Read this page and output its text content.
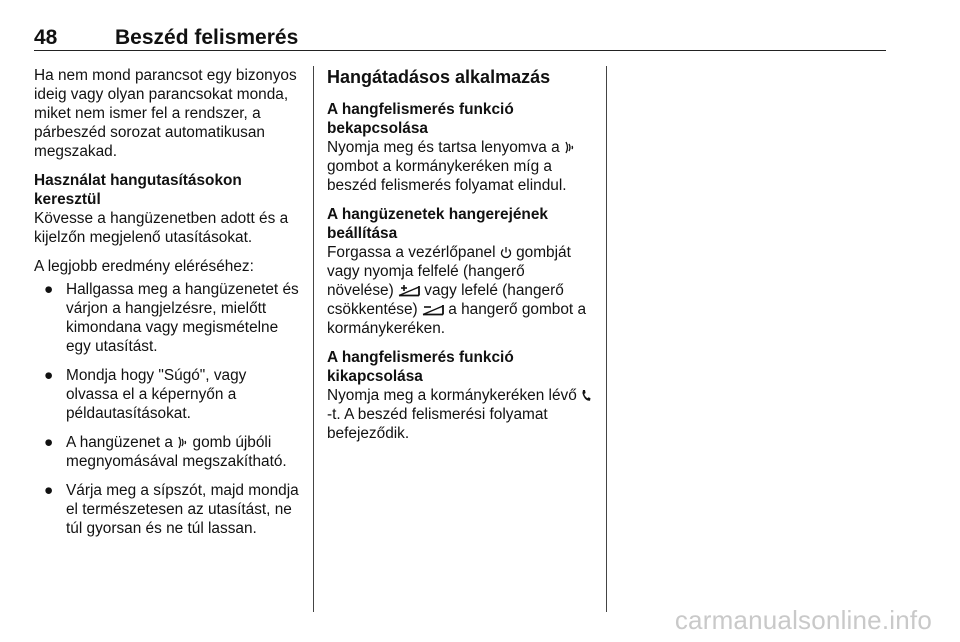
48	Beszéd felismerés

Ha nem mond parancsot egy bizonyos ideig vagy olyan parancsokat monda, miket nem ismer fel a rendszer, a párbeszéd sorozat automatikusan megszakad.

Használat hangutasításokon keresztül

Kövesse a hangüzenetben adott és a kijelzőn megjelenő utasításokat.

A legjobb eredmény eléréséhez:

● Hallgassa meg a hangüzenetet és várjon a hangjelzésre, mielőtt kimondana vagy megismételne egy utasítást.
● Mondja hogy "Súgó", vagy olvassa el a képernyőn a példautasításokat.
● A hangüzenet a gomb újbóli megnyomásával megszakítható.
● Várja meg a sípszót, majd mondja el természetesen az utasítást, ne túl gyorsan és ne túl lassan.

Hangátadásos alkalmazás

A hangfelismerés funkció bekapcsolása

Nyomja meg és tartsa lenyomva a  gombot a kormánykeréken míg a beszéd felismerés folyamat elindul.

A hangüzenetek hangerejének beállítása

Forgassa a vezérlőpanel gombját vagy nyomja felfelé (hangerő növelése) vagy lefelé (hangerő csökkentése) a hangerő gombot a kormánykeréken.

A hangfelismerés funkció kikapcsolása

Nyomja meg a kormánykeréken lévő -t. A beszéd felismerési folyamat befejeződik.

carmanualsonline.info
